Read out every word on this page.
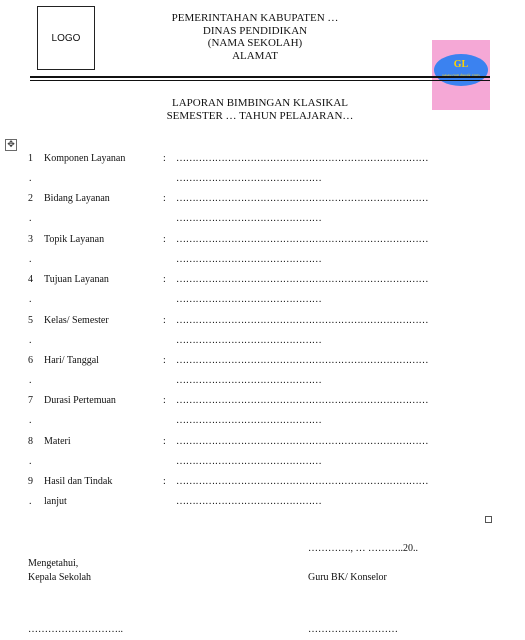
LOGO
PEMERINTAHAN KABUPATEN …
DINAS PENDIDIKAN
(NAMA SEKOLAH)
ALAMAT
GL
LAPORAN BIMBINGAN KLASIKAL
SEMESTER … TAHUN PELAJARAN…
✥
1 Komponen Layanan
.
: ……………………………………………………………………
………………………………………
2 Bidang Layanan
.
: ……………………………………………………………………
………………………………………
3 Topik Layanan
.
: ……………………………………………………………………
………………………………………
4 Tujuan Layanan
.
: ……………………………………………………………………
………………………………………
5 Kelas/ Semester
.
: ……………………………………………………………………
………………………………………
6 Hari/ Tanggal
.
: ……………………………………………………………………
………………………………………
7 Durasi Pertemuan
.
: ……………………………………………………………………
………………………………………
8 Materi
.
: ……………………………………………………………………
………………………………………
9 Hasil dan Tindak
lanjut
.
: ……………………………………………………………………
………………………………………
…………., … ………..20..
Mengetahui,
Kepala Sekolah	Guru BK/ Konselor
………………………..	………………………
